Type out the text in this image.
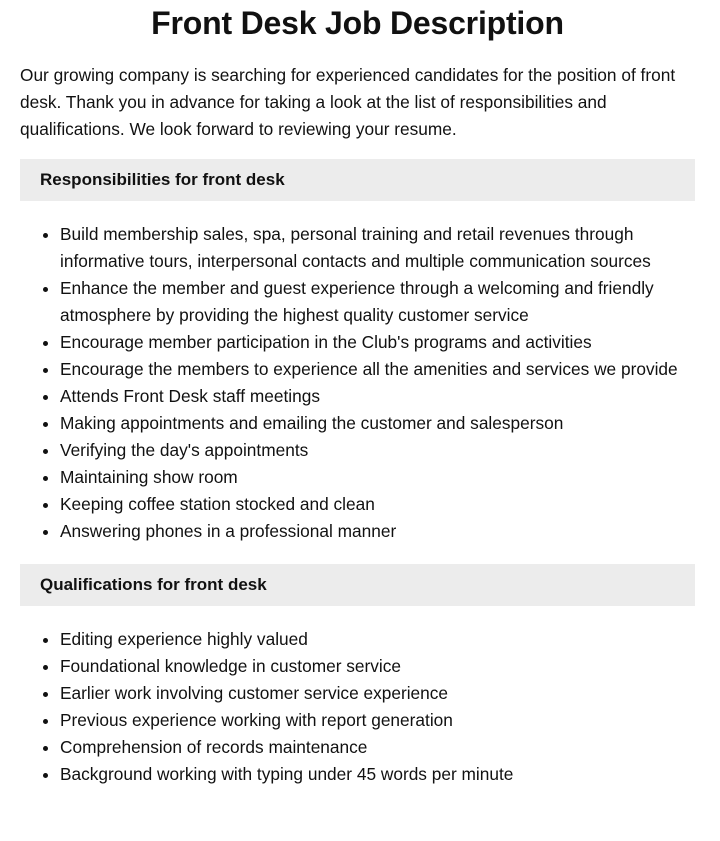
Front Desk Job Description

Our growing company is searching for experienced candidates for the position of front desk. Thank you in advance for taking a look at the list of responsibilities and qualifications. We look forward to reviewing your resume.

Responsibilities for front desk
• Build membership sales, spa, personal training and retail revenues through informative tours, interpersonal contacts and multiple communication sources
• Enhance the member and guest experience through a welcoming and friendly atmosphere by providing the highest quality customer service
• Encourage member participation in the Club's programs and activities
• Encourage the members to experience all the amenities and services we provide
• Attends Front Desk staff meetings
• Making appointments and emailing the customer and salesperson
• Verifying the day's appointments
• Maintaining show room
• Keeping coffee station stocked and clean
• Answering phones in a professional manner
Qualifications for front desk
• Editing experience highly valued
• Foundational knowledge in customer service
• Earlier work involving customer service experience
• Previous experience working with report generation
• Comprehension of records maintenance
• Background working with typing under 45 words per minute
